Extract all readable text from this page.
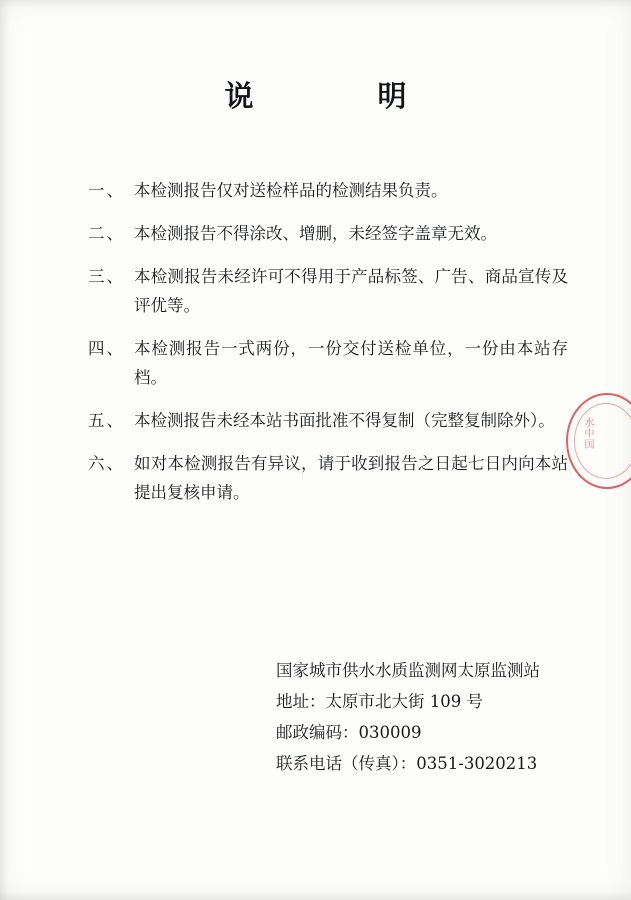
说　　明
一、 本检测报告仅对送检样品的检测结果负责。
二、 本检测报告不得涂改、增删，未经签字盖章无效。
三、 本检测报告未经许可不得用于产品标签、广告、商品宣传及评优等。
四、 本检测报告一式两份，一份交付送检单位，一份由本站存档。
五、 本检测报告未经本站书面批准不得复制（完整复制除外）。
六、 如对本检测报告有异议，请于收到报告之日起七日内向本站提出复核申请。
水中国
国家城市供水水质监测网太原监测站
地址：太原市北大街 109 号
邮政编码：030009
联系电话（传真）：0351-3020213
